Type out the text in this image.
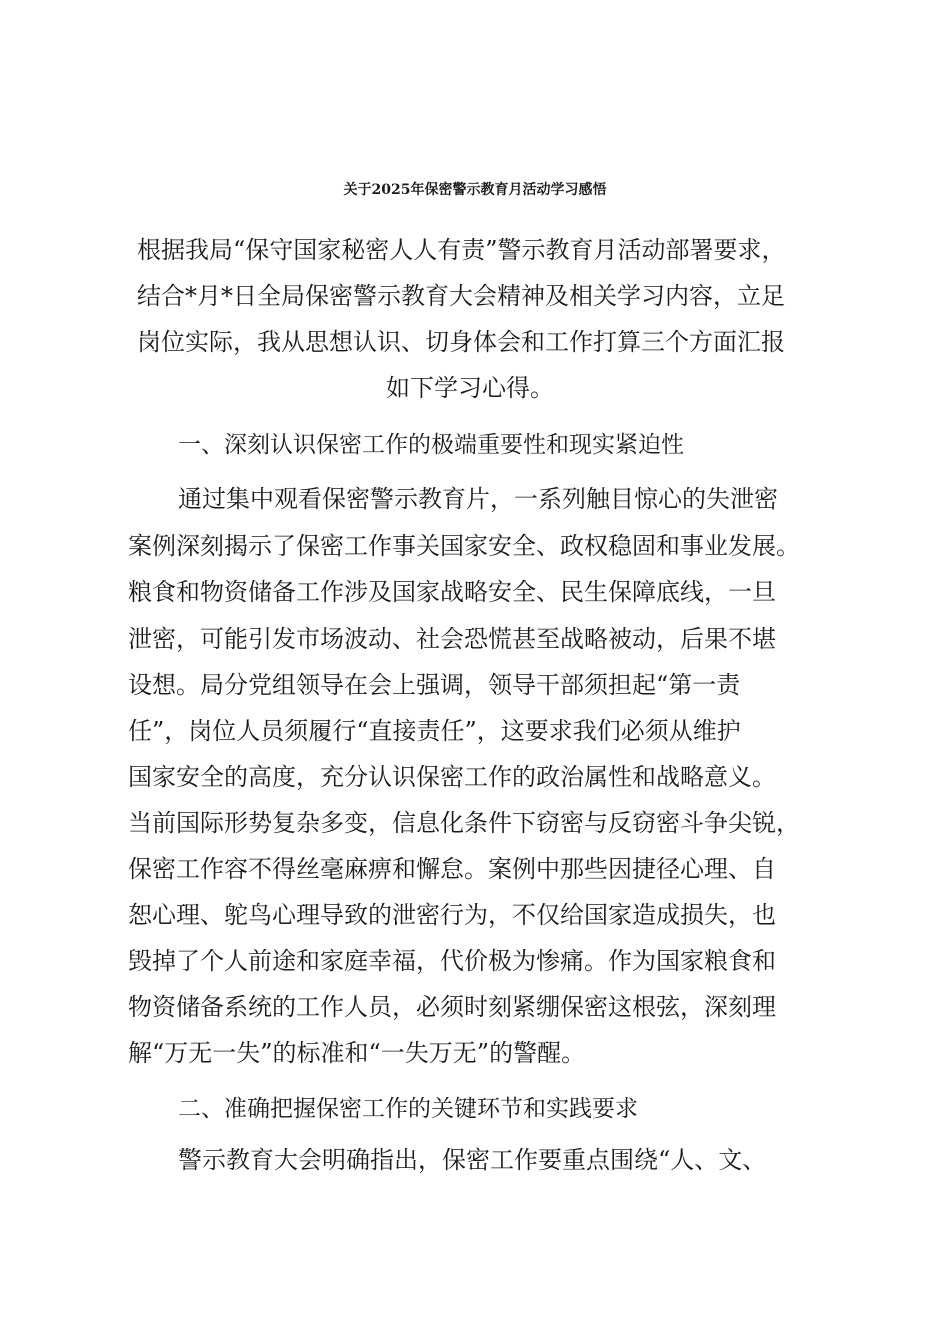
关于2025年保密警示教育月活动学习感悟
根据我局“保守国家秘密人人有责”警示教育月活动部署要求，
结合*月*日全局保密警示教育大会精神及相关学习内容，立足
岗位实际，我从思想认识、切身体会和工作打算三个方面汇报
如下学习心得。
一、深刻认识保密工作的极端重要性和现实紧迫性
通过集中观看保密警示教育片，一系列触目惊心的失泄密
案例深刻揭示了保密工作事关国家安全、政权稳固和事业发展。
粮食和物资储备工作涉及国家战略安全、民生保障底线，一旦
泄密，可能引发市场波动、社会恐慌甚至战略被动，后果不堪
设想。局分党组领导在会上强调，领导干部须担起“第一责
任”，岗位人员须履行“直接责任”，这要求我们必须从维护
国家安全的高度，充分认识保密工作的政治属性和战略意义。
当前国际形势复杂多变，信息化条件下窃密与反窃密斗争尖锐，
保密工作容不得丝毫麻痹和懈怠。案例中那些因捷径心理、自
恕心理、鸵鸟心理导致的泄密行为，不仅给国家造成损失，也
毁掉了个人前途和家庭幸福，代价极为惨痛。作为国家粮食和
物资储备系统的工作人员，必须时刻紧绷保密这根弦，深刻理
解“万无一失”的标准和“一失万无”的警醒。
二、准确把握保密工作的关键环节和实践要求
警示教育大会明确指出，保密工作要重点围绕“人、文、
